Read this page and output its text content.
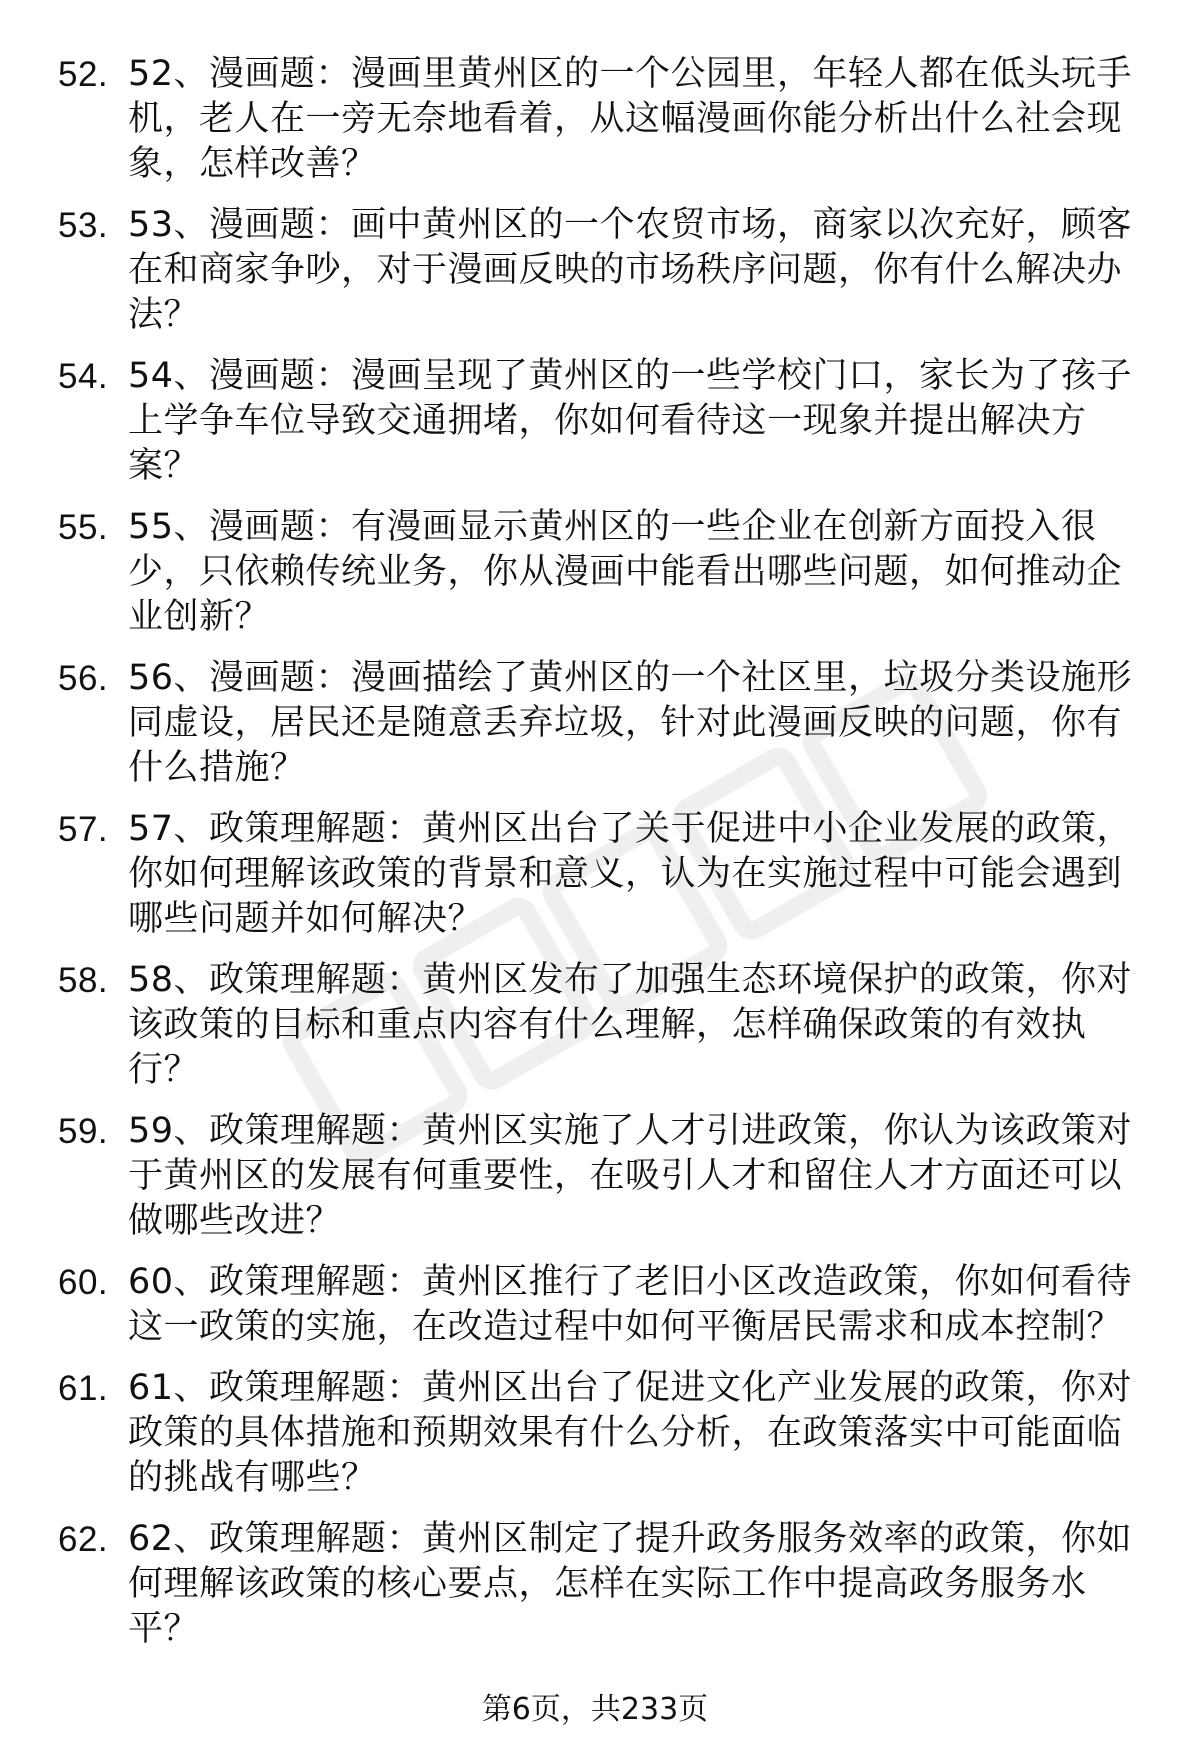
52. 52、漫画题：漫画里黄州区的一个公园里，年轻人都在低头玩手机，老人在一旁无奈地看着，从这幅漫画你能分析出什么社会现象，怎样改善？
53. 53、漫画题：画中黄州区的一个农贸市场，商家以次充好，顾客在和商家争吵，对于漫画反映的市场秩序问题，你有什么解决办法？
54. 54、漫画题：漫画呈现了黄州区的一些学校门口，家长为了孩子上学争车位导致交通拥堵，你如何看待这一现象并提出解决方案？
55. 55、漫画题：有漫画显示黄州区的一些企业在创新方面投入很少，只依赖传统业务，你从漫画中能看出哪些问题，如何推动企业创新？
56. 56、漫画题：漫画描绘了黄州区的一个社区里，垃圾分类设施形同虚设，居民还是随意丢弃垃圾，针对此漫画反映的问题，你有什么措施？
57. 57、政策理解题：黄州区出台了关于促进中小企业发展的政策，你如何理解该政策的背景和意义，认为在实施过程中可能会遇到哪些问题并如何解决？
58. 58、政策理解题：黄州区发布了加强生态环境保护的政策，你对该政策的目标和重点内容有什么理解，怎样确保政策的有效执行？
59. 59、政策理解题：黄州区实施了人才引进政策，你认为该政策对于黄州区的发展有何重要性，在吸引人才和留住人才方面还可以做哪些改进？
60. 60、政策理解题：黄州区推行了老旧小区改造政策，你如何看待这一政策的实施，在改造过程中如何平衡居民需求和成本控制？
61. 61、政策理解题：黄州区出台了促进文化产业发展的政策，你对政策的具体措施和预期效果有什么分析，在政策落实中可能面临的挑战有哪些？
62. 62、政策理解题：黄州区制定了提升政务服务效率的政策，你如何理解该政策的核心要点，怎样在实际工作中提高政务服务水平？
第6页，共233页
